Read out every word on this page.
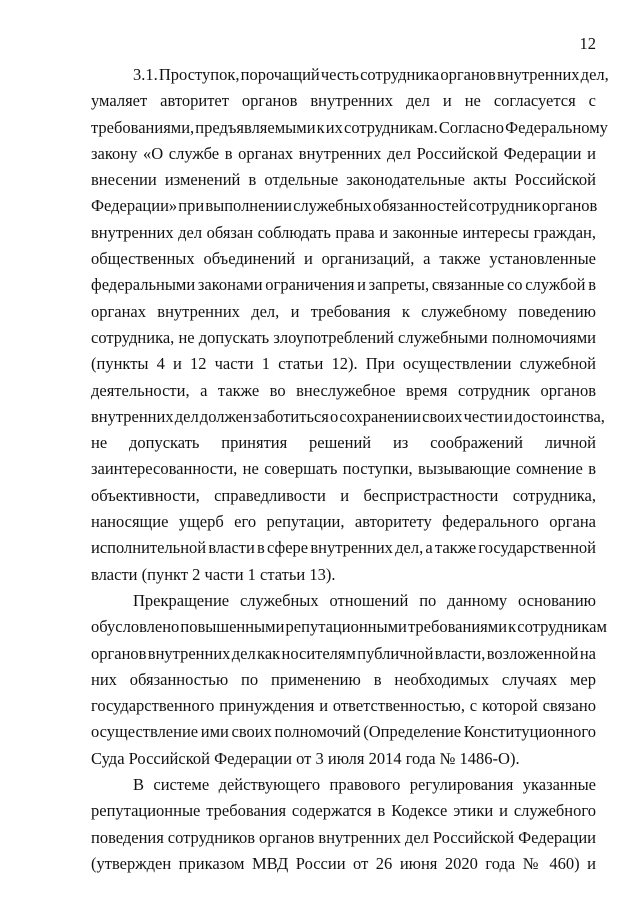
12
3.1. Проступок, порочащий честь сотрудника органов внутренних дел,
умаляет авторитет органов внутренних дел и не согласуется с
требованиями, предъявляемыми к их сотрудникам. Согласно Федеральному
закону «О службе в органах внутренних дел Российской Федерации и
внесении изменений в отдельные законодательные акты Российской
Федерации» при выполнении служебных обязанностей сотрудник органов
внутренних дел обязан соблюдать права и законные интересы граждан,
общественных объединений и организаций, а также установленные
федеральными законами ограничения и запреты, связанные со службой в
органах внутренних дел, и требования к служебному поведению
сотрудника, не допускать злоупотреблений служебными полномочиями
(пункты 4 и 12 части 1 статьи 12). При осуществлении служебной
деятельности, а также во внеслужебное время сотрудник органов
внутренних дел должен заботиться о сохранении своих чести и достоинства,
не допускать принятия решений из соображений личной
заинтересованности, не совершать поступки, вызывающие сомнение в
объективности, справедливости и беспристрастности сотрудника,
наносящие ущерб его репутации, авторитету федерального органа
исполнительной власти в сфере внутренних дел, а также государственной
власти (пункт 2 части 1 статьи 13).
Прекращение служебных отношений по данному основанию
обусловлено повышенными репутационными требованиями к сотрудникам
органов внутренних дел как носителям публичной власти, возложенной на
них обязанностью по применению в необходимых случаях мер
государственного принуждения и ответственностью, с которой связано
осуществление ими своих полномочий (Определение Конституционного
Суда Российской Федерации от 3 июля 2014 года № 1486-О).
В системе действующего правового регулирования указанные
репутационные требования содержатся в Кодексе этики и служебного
поведения сотрудников органов внутренних дел Российской Федерации
(утвержден приказом МВД России от 26 июня 2020 года № 460) и
